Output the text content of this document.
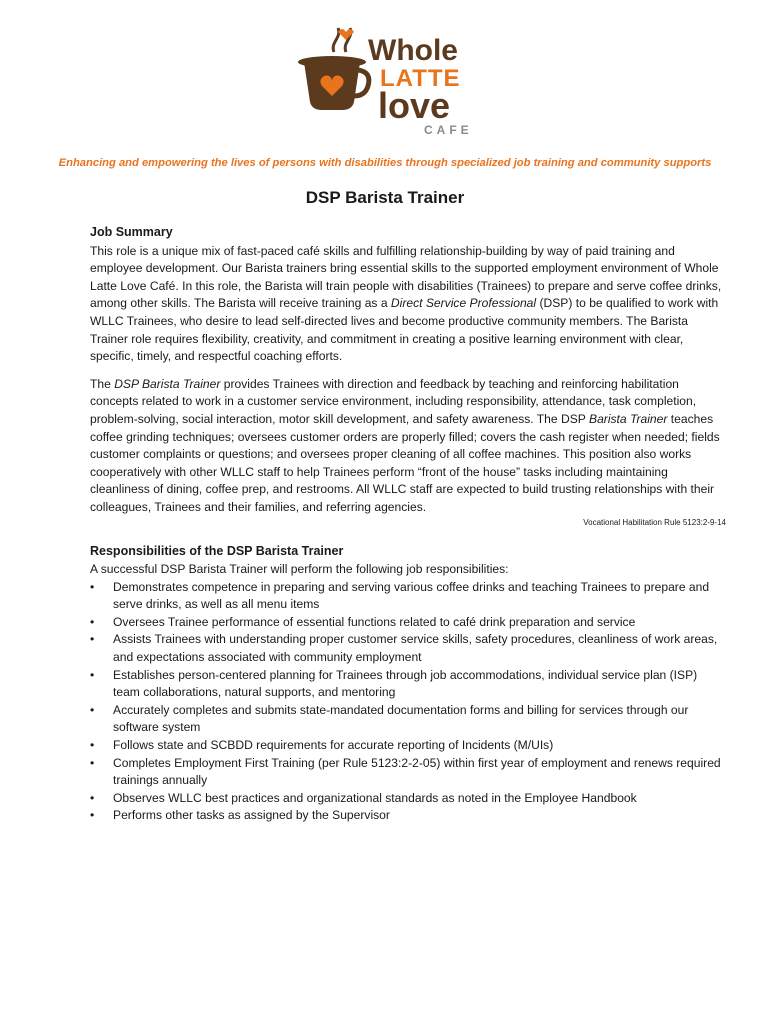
Whole
LATTE
love
CAFE
Enhancing and empowering the lives of persons with disabilities through specialized job training and community supports
DSP Barista Trainer
Job Summary

This role is a unique mix of fast-paced café skills and fulfilling relationship-building by way of paid training and employee development. Our Barista trainers bring essential skills to the supported employment environment of Whole Latte Love Café. In this role, the Barista will train people with disabilities (Trainees) to prepare and serve coffee drinks, among other skills. The Barista will receive training as a Direct Service Professional (DSP) to be qualified to work with WLLC Trainees, who desire to lead self-directed lives and become productive community members. The Barista Trainer role requires flexibility, creativity, and commitment in creating a positive learning environment with clear, specific, timely, and respectful coaching efforts.

The DSP Barista Trainer provides Trainees with direction and feedback by teaching and reinforcing habilitation concepts related to work in a customer service environment, including responsibility, attendance, task completion, problem-solving, social interaction, motor skill development, and safety awareness. The DSP Barista Trainer teaches coffee grinding techniques; oversees customer orders are properly filled; covers the cash register when needed; fields customer complaints or questions; and oversees proper cleaning of all coffee machines. This position also works cooperatively with other WLLC staff to help Trainees perform “front of the house” tasks including maintaining cleanliness of dining, coffee prep, and restrooms. All WLLC staff are expected to build trusting relationships with their colleagues, Trainees and their families, and referring agencies.

Vocational Habilitation Rule 5123:2-9-14
Responsibilities of the DSP Barista Trainer

A successful DSP Barista Trainer will perform the following job responsibilities:

• Demonstrates competence in preparing and serving various coffee drinks and teaching Trainees to prepare and serve drinks, as well as all menu items
• Oversees Trainee performance of essential functions related to café drink preparation and service
• Assists Trainees with understanding proper customer service skills, safety procedures, cleanliness of work areas, and expectations associated with community employment
• Establishes person-centered planning for Trainees through job accommodations, individual service plan (ISP) team collaborations, natural supports, and mentoring
• Accurately completes and submits state-mandated documentation forms and billing for services through our software system
• Follows state and SCBDD requirements for accurate reporting of Incidents (M/UIs)
• Completes Employment First Training (per Rule 5123:2-2-05) within first year of employment and renews required trainings annually
• Observes WLLC best practices and organizational standards as noted in the Employee Handbook
• Performs other tasks as assigned by the Supervisor
